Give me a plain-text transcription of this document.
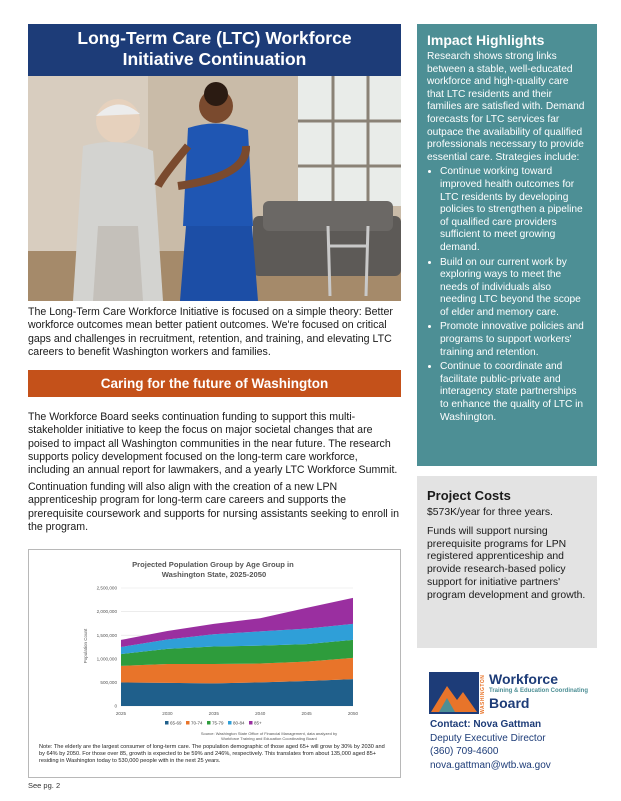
Long-Term Care (LTC) Workforce
Initiative Continuation
The Long-Term Care Workforce Initiative is focused on a simple theory: Better workforce outcomes mean better patient outcomes. We're focused on critical gaps and challenges in recruitment, retention, and training, and elevating LTC careers to benefit Washington workers and families.
Caring for the future of Washington
The Workforce Board seeks continuation funding to support this multi-stakeholder initiative to keep the focus on major societal changes that are poised to impact all Washington communities in the near future. The research supports policy development focused on the long-term care workforce, including an annual report for lawmakers, and a yearly LTC Workforce Summit.
Continuation funding will also align with the creation of a new LPN apprenticeship program for long-term care careers and supports the prerequisite coursework and supports for nursing assistants seeking to enroll in the program.
Projected Population Group by Age Group in Washington State, 2025-2050
0
500,000
1,000,000
1,500,000
2,000,000
2,500,000
2025	2030	2035	2040	2045	2050
Population Count
65-69 70-74 75-79 80-84 85+
Source: Washington State Office of Financial Management, data analyzed by
Workforce Training and Education Coordinating Board
Note: The elderly are the largest consumer of long-term care. The population demographic of those aged 65+ will grow by 30% by 2030 and by 64% by 2050. For those over 85, growth is expected to be 59% and 246%, respectively. This translates from about 135,000 aged 85+ residing in Washington today to 530,000 people with in the next 25 years.
Impact Highlights

Research shows strong links between a stable, well-educated workforce and high-quality care that LTC residents and their families are satisfied with. Demand forecasts for LTC services far outpace the availability of qualified professionals necessary to provide essential care. Strategies include:

• Continue working toward improved health outcomes for LTC residents by developing policies to strengthen a pipeline of qualified care providers sufficient to meet growing demand.
• Build on our current work by exploring ways to meet the needs of individuals also needing LTC beyond the scope of elder and memory care.
• Promote innovative policies and programs to support workers' training and retention.
• Continue to coordinate and facilitate public-private and interagency state partnerships to enhance the quality of LTC in Washington.
Project Costs

$573K/year for three years.

Funds will support nursing prerequisite programs for LPN registered apprenticeship and provide research-based policy support for initiative partners' program development and growth.

WASHINGTON Workforce
Training & Education Coordinating
Board
Contact: Nova Gattman
Deputy Executive Director
(360) 709-4600
nova.gattman@wtb.wa.gov
See pg. 2
